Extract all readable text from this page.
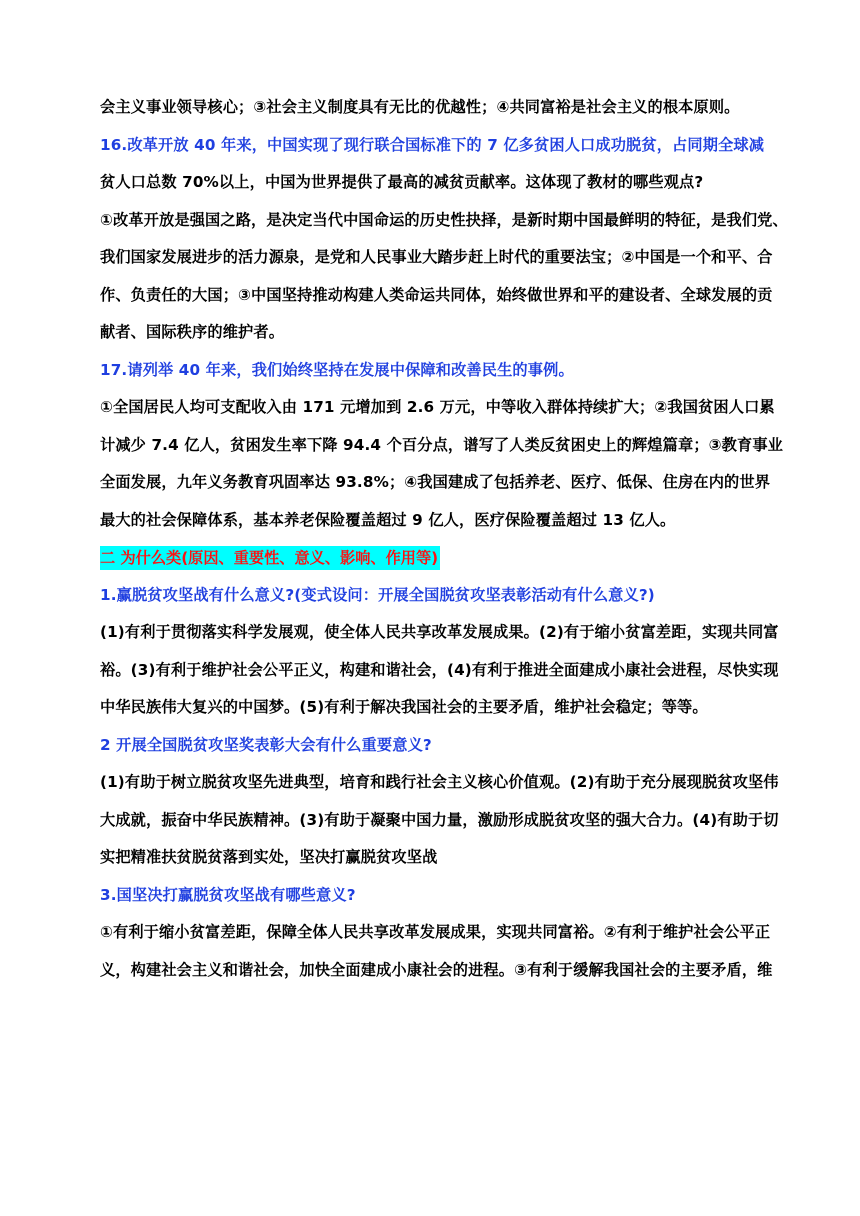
会主义事业领导核心；③社会主义制度具有无比的优越性；④共同富裕是社会主义的根本原则。
16.改革开放 40 年来，中国实现了现行联合国标准下的 7 亿多贫困人口成功脱贫，占同期全球减
贫人口总数 70%以上，中国为世界提供了最高的减贫贡献率。这体现了教材的哪些观点?
①改革开放是强国之路，是决定当代中国命运的历史性抉择，是新时期中国最鲜明的特征，是我们党、
我们国家发展进步的活力源泉，是党和人民事业大踏步赶上时代的重要法宝；②中国是一个和平、合
作、负责任的大国；③中国坚持推动构建人类命运共同体，始终做世界和平的建设者、全球发展的贡
献者、国际秩序的维护者。
17.请列举 40 年来，我们始终坚持在发展中保障和改善民生的事例。
①全国居民人均可支配收入由 171 元增加到 2.6 万元，中等收入群体持续扩大；②我国贫困人口累
计减少 7.4 亿人，贫困发生率下降 94.4 个百分点，谱写了人类反贫困史上的辉煌篇章；③教育事业
全面发展，九年义务教育巩固率达 93.8%；④我国建成了包括养老、医疗、低保、住房在内的世界
最大的社会保障体系，基本养老保险覆盖超过 9 亿人，医疗保险覆盖超过 13 亿人。
二 为什么类(原因、重要性、意义、影响、作用等)
1.赢脱贫攻坚战有什么意义?(变式设问：开展全国脱贫攻坚表彰活动有什么意义?)
(1)有利于贯彻落实科学发展观，使全体人民共享改革发展成果。(2)有于缩小贫富差距，实现共同富
裕。(3)有利于维护社会公平正义，构建和谐社会，(4)有利于推进全面建成小康社会进程，尽快实现
中华民族伟大复兴的中国梦。(5)有利于解决我国社会的主要矛盾，维护社会稳定；等等。
2 开展全国脱贫攻坚奖表彰大会有什么重要意义?
(1)有助于树立脱贫攻坚先进典型，培育和践行社会主义核心价值观。(2)有助于充分展现脱贫攻坚伟
大成就，振奋中华民族精神。(3)有助于凝聚中国力量，激励形成脱贫攻坚的强大合力。(4)有助于切
实把精准扶贫脱贫落到实处，坚决打赢脱贫攻坚战
3.国坚决打赢脱贫攻坚战有哪些意义?
①有利于缩小贫富差距，保障全体人民共享改革发展成果，实现共同富裕。②有利于维护社会公平正
义，构建社会主义和谐社会，加快全面建成小康社会的进程。③有利于缓解我国社会的主要矛盾，维
